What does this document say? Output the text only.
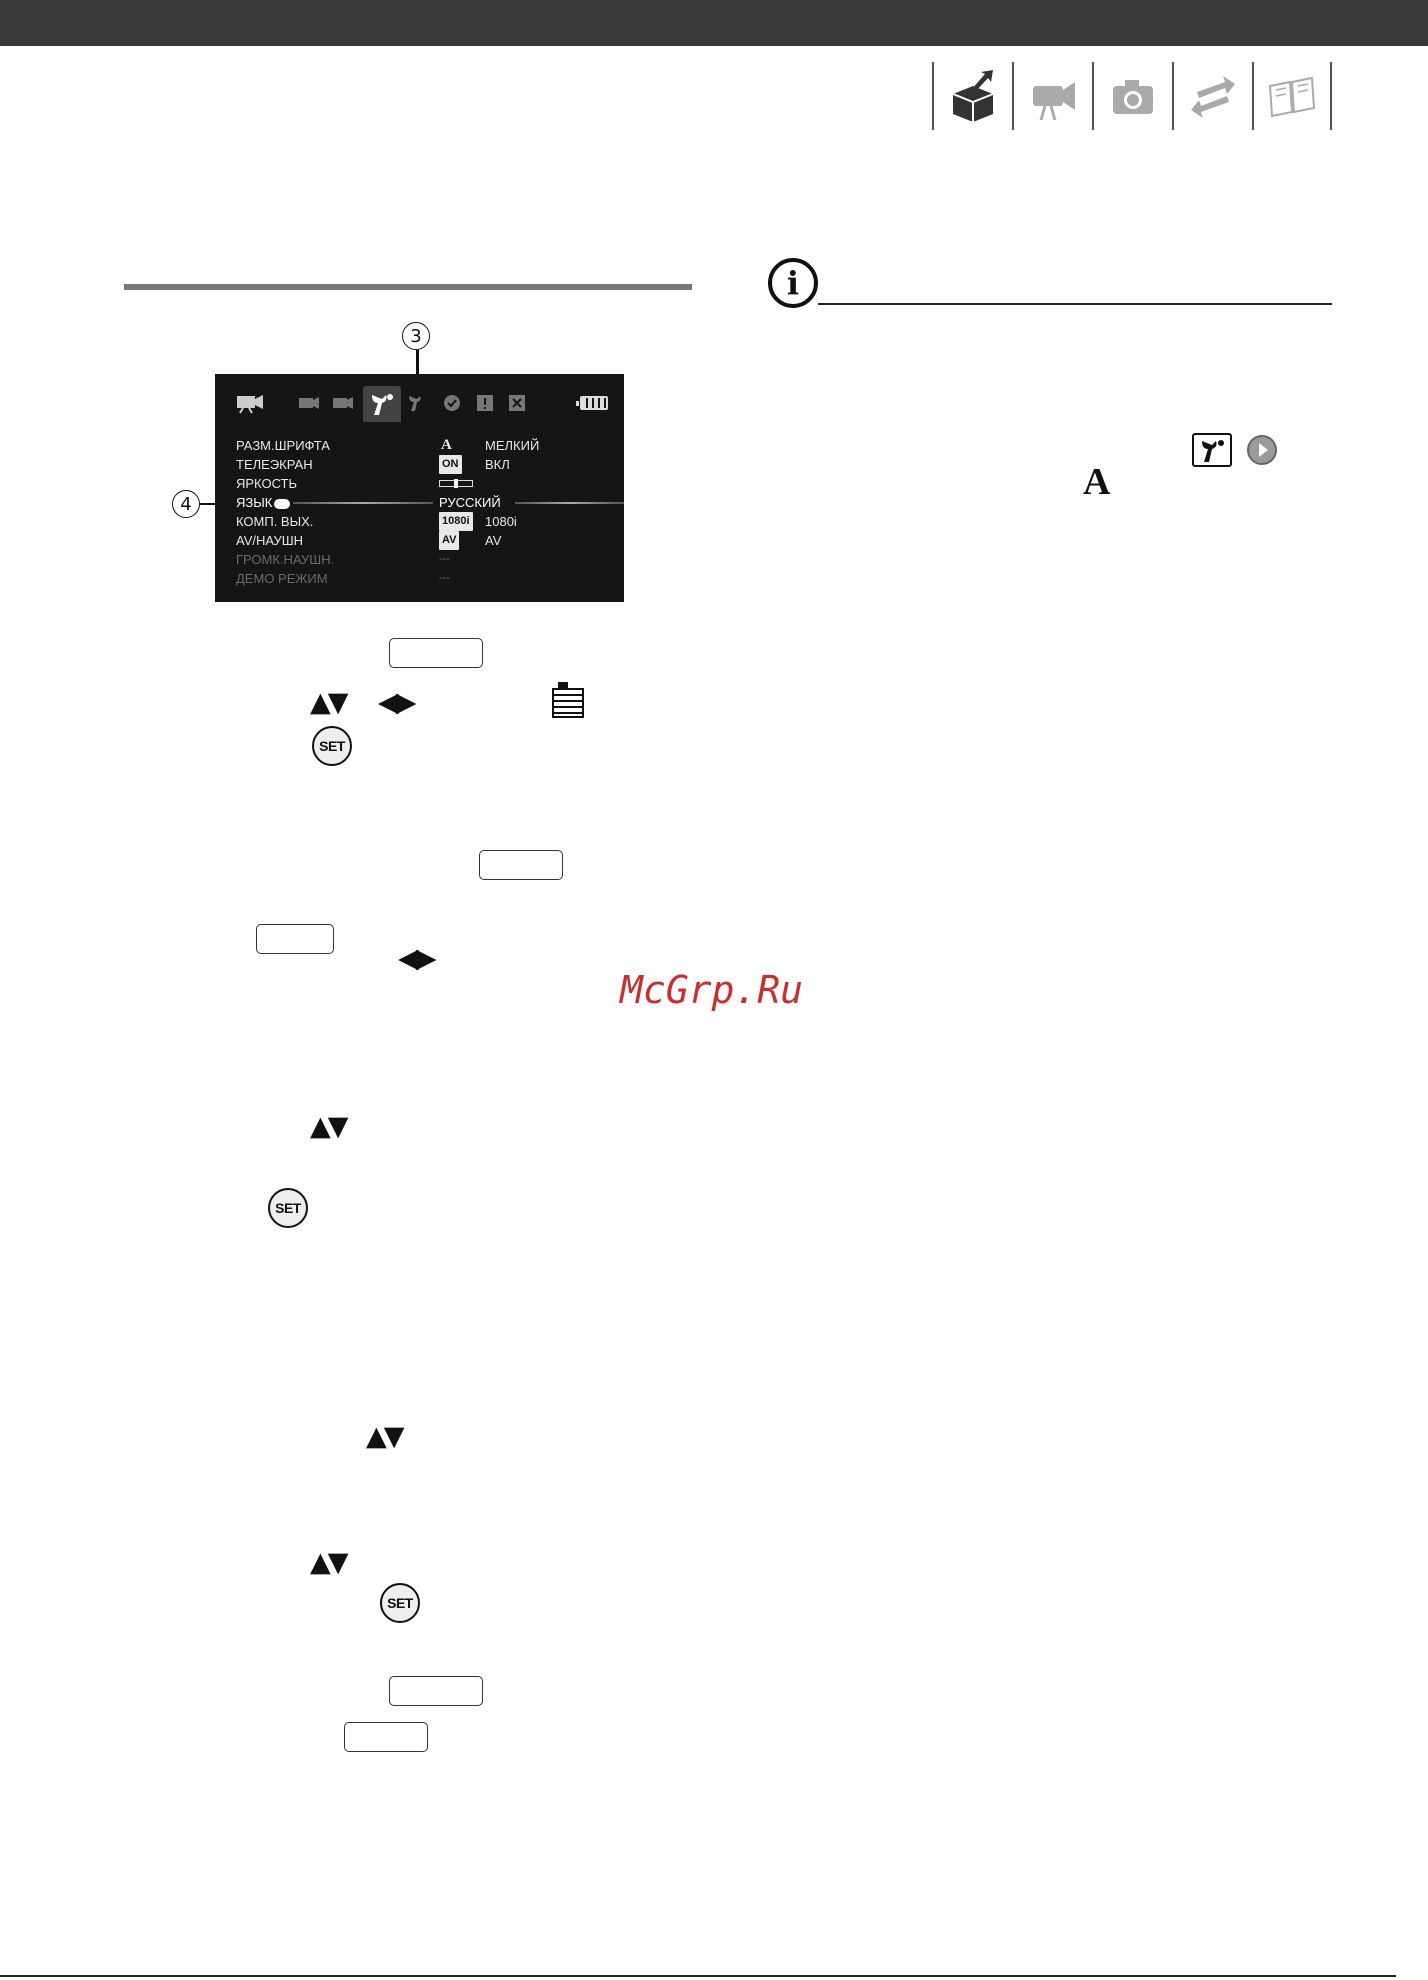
i
3
4
РАЗМ.ШРИФТА	A	МЕЛКИЙ
ТЕЛЕЭКРАН	ON ВКЛ
ЯРКОСТЬ
ЯЗЫК	РУССКИЙ
КОМП. ВЫХ.	1080i 1080i
AV/НАУШН	AV AV
ГРОМК.НАУШН.	---
ДЕМО РЕЖИМ	---
▲▼ ◀▶
SET
◀▶
▲▼
SET
▲▼
▲▼
SET
A
McGrp.Ru
